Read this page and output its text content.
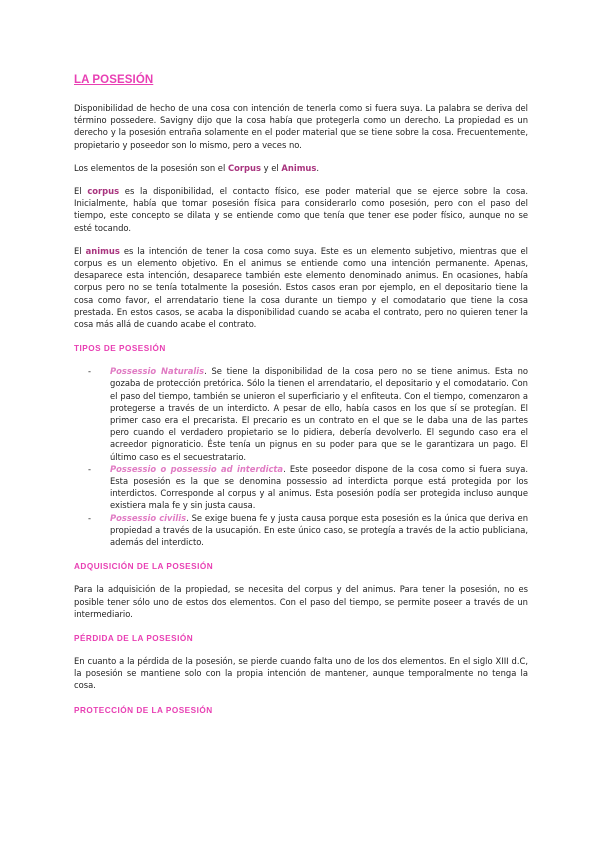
LA POSESIÓN

Disponibilidad de hecho de una cosa con intención de tenerla como si fuera suya. La palabra se deriva del término possedere. Savigny dijo que la cosa había que protegerla como un derecho. La propiedad es un derecho y la posesión entraña solamente en el poder material que se tiene sobre la cosa. Frecuentemente, propietario y poseedor son lo mismo, pero a veces no.

Los elementos de la posesión son el Corpus y el Animus.

El corpus es la disponibilidad, el contacto físico, ese poder material que se ejerce sobre la cosa. Inicialmente, había que tomar posesión física para considerarlo como posesión, pero con el paso del tiempo, este concepto se dilata y se entiende como que tenía que tener ese poder físico, aunque no se esté tocando.

El animus es la intención de tener la cosa como suya. Este es un elemento subjetivo, mientras que el corpus es un elemento objetivo. En el animus se entiende como una intención permanente. Apenas, desaparece esta intención, desaparece también este elemento denominado animus. En ocasiones, había corpus pero no se tenía totalmente la posesión. Estos casos eran por ejemplo, en el depositario tiene la cosa como favor, el arrendatario tiene la cosa durante un tiempo y el comodatario que tiene la cosa prestada. En estos casos, se acaba la disponibilidad cuando se acaba el contrato, pero no quieren tener la cosa más allá de cuando acabe el contrato.

TIPOS DE POSESIÓN
- Possessio Naturalis. Se tiene la disponibilidad de la cosa pero no se tiene animus. Esta no gozaba de protección pretórica. Sólo la tienen el arrendatario, el depositario y el comodatario. Con el paso del tiempo, también se unieron el superficiario y el enfiteuta. Con el tiempo, comenzaron a protegerse a través de un interdicto. A pesar de ello, había casos en los que sí se protegían. El primer caso era el precarista. El precario es un contrato en el que se le daba una de las partes pero cuando el verdadero propietario se lo pidiera, debería devolverlo. El segundo caso era el acreedor pignoraticio. Éste tenía un pignus en su poder para que se le garantizara un pago. El último caso es el secuestratario.
- Possessio o possessio ad interdicta. Este poseedor dispone de la cosa como si fuera suya. Esta posesión es la que se denomina possessio ad interdicta porque está protegida por los interdictos. Corresponde al corpus y al animus. Esta posesión podía ser protegida incluso aunque existiera mala fe y sin justa causa.
- Possessio civilis. Se exige buena fe y justa causa porque esta posesión es la única que deriva en propiedad a través de la usucapión. En este único caso, se protegía a través de la actio publiciana, además del interdicto.
ADQUISICIÓN DE LA POSESIÓN

Para la adquisición de la propiedad, se necesita del corpus y del animus. Para tener la posesión, no es posible tener sólo uno de estos dos elementos. Con el paso del tiempo, se permite poseer a través de un intermediario.

PÉRDIDA DE LA POSESIÓN

En cuanto a la pérdida de la posesión, se pierde cuando falta uno de los dos elementos. En el siglo XIII d.C, la posesión se mantiene solo con la propia intención de mantener, aunque temporalmente no tenga la cosa.

PROTECCIÓN DE LA POSESIÓN
